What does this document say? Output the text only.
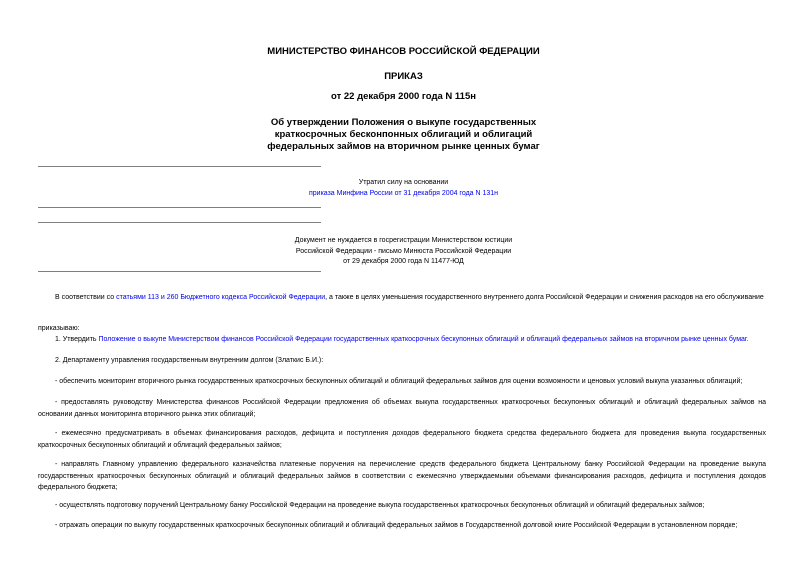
МИНИСТЕРСТВО ФИНАНСОВ РОССИЙСКОЙ ФЕДЕРАЦИИ
ПРИКАЗ
от 22 декабря 2000 года N 115н
Об утверждении Положения о выкупе государственных
краткосрочных бесконпонных облигаций и облигаций
федеральных займов на вторичном рынке ценных бумаг
Утратил силу на основании
приказа Минфина России от 31 декабря 2004 года N 131н
Документ не нуждается в госрегистрации Министерством юстиции
Российской Федерации - письмо Минюста Российской Федерации
от 29 декабря 2000 года N 11477-ЮД
В соответствии со статьями 113 и 260 Бюджетного кодекса Российской Федерации, а также в целях уменьшения государственного внутреннего долга Российской Федерации и снижения расходов на его обслуживание
приказываю:
1. Утвердить Положение о выкупе Министерством финансов Российской Федерации государственных краткосрочных бескупонных облигаций и облигаций федеральных займов на вторичном рынке ценных бумаг.
2. Департаменту управления государственным внутренним долгом (Златкис Б.И.):
- обеспечить мониторинг вторичного рынка государственных краткосрочных бескупонных облигаций и облигаций федеральных займов для оценки возможности и ценовых условий выкупа указанных облигаций;
- предоставлять руководству Министерства финансов Российской Федерации предложения об объемах выкупа государственных краткосрочных бескупонных облигаций и облигаций федеральных займов на основании данных мониторинга вторичного рынка этих облигаций;
- ежемесячно предусматривать в объемах финансирования расходов, дефицита и поступления доходов федерального бюджета средства федерального бюджета для проведения выкупа государственных краткосрочных бескупонных облигаций и облигаций федеральных займов;
- направлять Главному управлению федерального казначейства платежные поручения на перечисление средств федерального бюджета Центральному банку Российской Федерации на проведение выкупа государственных краткосрочных бескупонных облигаций и облигаций федеральных займов в соответствии с ежемесячно утверждаемыми объемами финансирования расходов, дефицита и поступления доходов федерального бюджета;
- осуществлять подготовку поручений Центральному банку Российской Федерации на проведение выкупа государственных краткосрочных бескупонных облигаций и облигаций федеральных займов;
- отражать операции по выкупу государственных краткосрочных бескупонных облигаций и облигаций федеральных займов в Государственной долговой книге Российской Федерации в установленном порядке;
